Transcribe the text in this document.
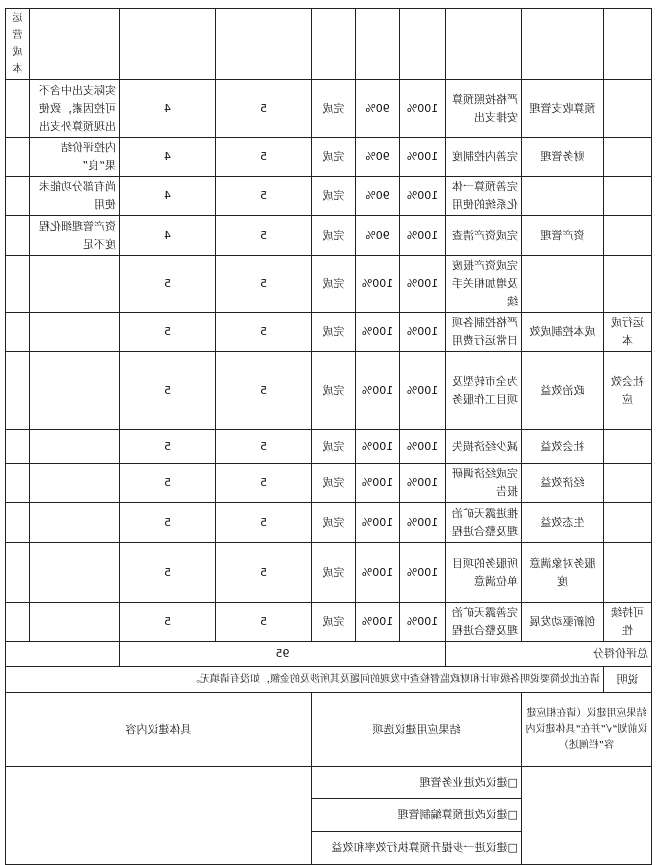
									运营成本
	预算收支管理	严格按照预算安排支出	100%	90%	完成	5	4	实际支出中含不可控因素，致使出现预算外支出	
	财务管理	完善内控制度	100%	90%	完成	5	4	内控评价结果“良”	
		完善预算一体化系统的使用	100%	90%	完成	5	4	尚有部分功能未使用	
	资产管理	完成资产清查	100%	90%	完成	5	4	资产管理细化程度不足	
		完成资产报废及增加相关手续	100%	100%	完成	5	5		
运行成本	成本控制成效	严格控制各项日常运行费用	100%	100%	完成	5	5		
社会效应	政治效益	为全市转型及项目工作服务	100%	100%	完成	5	5		
	社会效益	减少经济损失	100%	100%	完成	5	5		
	经济效益	完成经济调研报告	100%	100%	完成	5	5		
	生态效益	推进露天矿治理及整合进程	100%	100%	完成	5	5		
	服务对象满意度	所服务的项目单位满意	100%	100%	完成	5	5		
可持续性	创新驱动发展	完善露天矿治理及整合进程	100%	100%	完成	5	5		
总评价得分			95						
说明	请在此处简要说明各级审计和财政监督检查中发现的问题及其所涉及的金额，如没有请填无。								
结果应用建议（请在相应建议前划“√”并在“具体建议内容”栏阐述）		结果应用建议选项				具体建议内容			
		□建议改进业务管理							
		□建议改进预算编制管理							
		□建议进一步提升预算执行效率和效益							
